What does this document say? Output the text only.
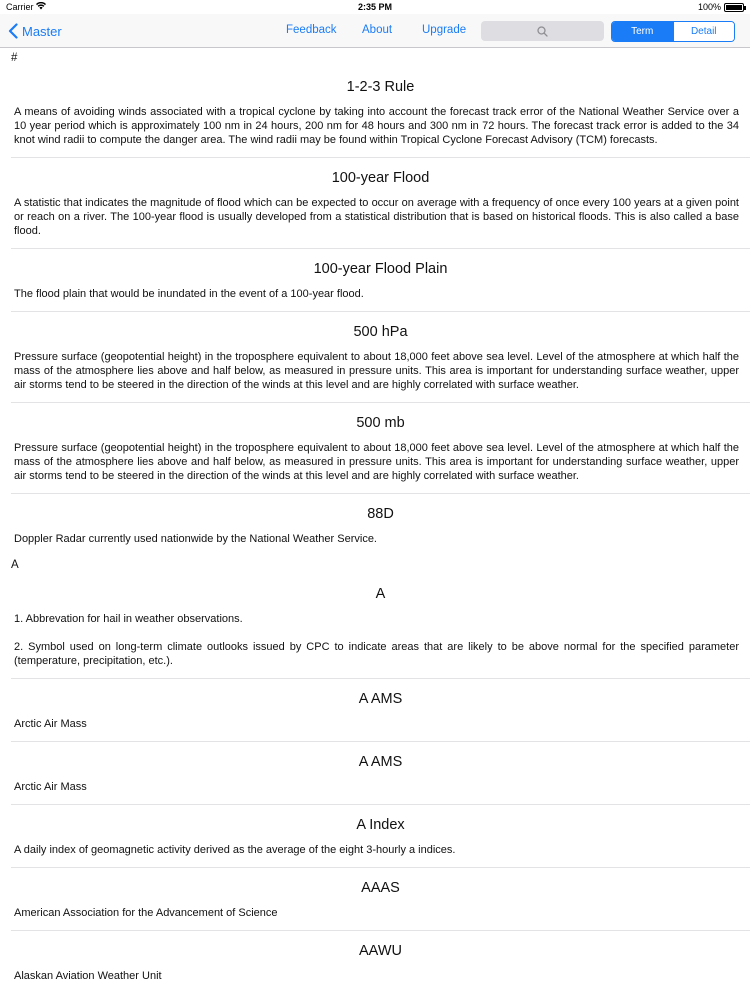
Carrier	2:35 PM	100%
Master	Feedback About	Upgrade	Term	Detail
#
1-2-3 Rule

A means of avoiding winds associated with a tropical cyclone by taking into account the forecast track error of the National Weather Service over a 10 year period which is approximately 100 nm in 24 hours, 200 nm for 48 hours and 300 nm in 72 hours. The forecast track error is added to the 34 knot wind radii to compute the danger area. The wind radii may be found within Tropical Cyclone Forecast Advisory (TCM) forecasts.

100-year Flood

A statistic that indicates the magnitude of flood which can be expected to occur on average with a frequency of once every 100 years at a given point or reach on a river. The 100-year flood is usually developed from a statistical distribution that is based on historical floods. This is also called a base flood.

100-year Flood Plain

The flood plain that would be inundated in the event of a 100-year flood.

500 hPa

Pressure surface (geopotential height) in the troposphere equivalent to about 18,000 feet above sea level. Level of the atmosphere at which half the mass of the atmosphere lies above and half below, as measured in pressure units. This area is important for understanding surface weather, upper air storms tend to be steered in the direction of the winds at this level and are highly correlated with surface weather.

500 mb

Pressure surface (geopotential height) in the troposphere equivalent to about 18,000 feet above sea level. Level of the atmosphere at which half the mass of the atmosphere lies above and half below, as measured in pressure units. This area is important for understanding surface weather, upper air storms tend to be steered in the direction of the winds at this level and are highly correlated with surface weather.

88D

Doppler Radar currently used nationwide by the National Weather Service.

A
A

1. Abbrevation for hail in weather observations.

2. Symbol used on long-term climate outlooks issued by CPC to indicate areas that are likely to be above normal for the specified parameter (temperature, precipitation, etc.).

A AMS

Arctic Air Mass

A AMS

Arctic Air Mass

A Index

A daily index of geomagnetic activity derived as the average of the eight 3-hourly a indices.

AAAS

American Association for the Advancement of Science

AAWU

Alaskan Aviation Weather Unit
